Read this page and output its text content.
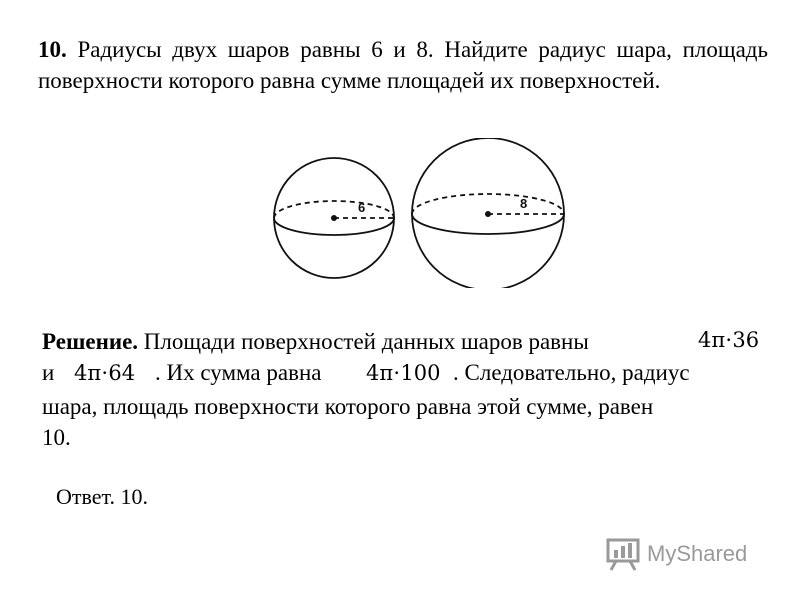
10. Радиусы двух шаров равны 6 и 8. Найдите радиус шара, площадь поверхности которого равна сумме площадей их поверхностей.

6	8

Решение. Площади поверхностей данных шаров равны	4π⋅36

и 4π⋅64 . Их сумма равна 4π⋅100 . Следовательно, радиус

шара, площадь поверхности которого равна этой сумме, равен

10.

Ответ. 10.

MyShared
